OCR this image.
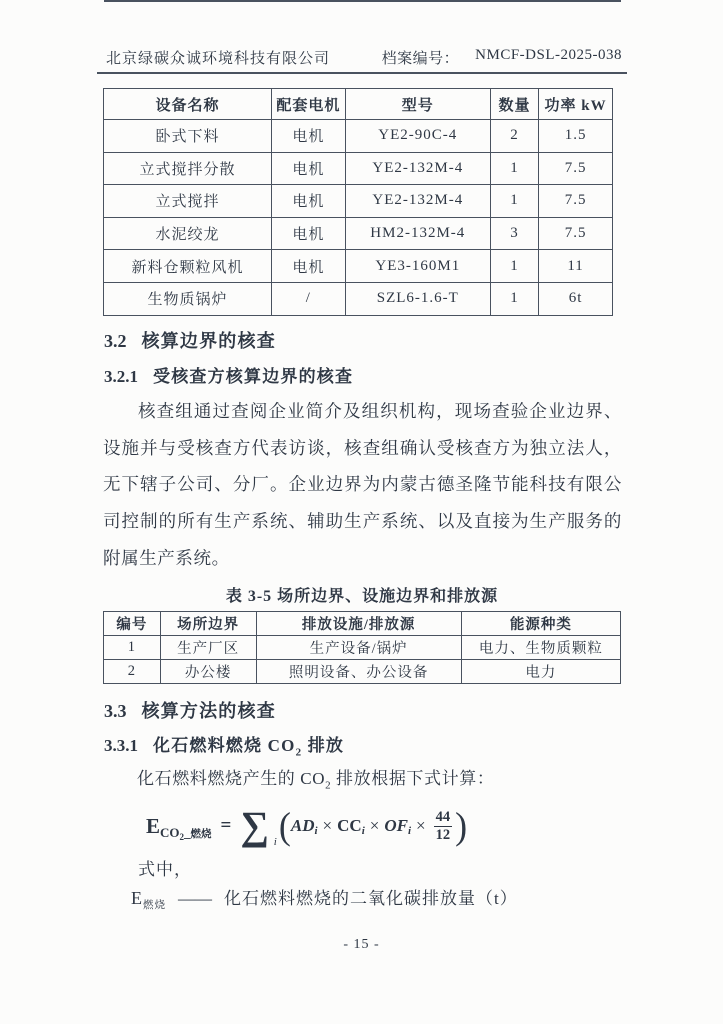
北京绿碳众诚环境科技有限公司	档案编号： NMCF-DSL-2025-038
设备名称	配套电机	型号	数量	功率 kW
卧式下料	电机	YE2-90C-4	2	1.5
立式搅拌分散	电机	YE2-132M-4	1	7.5
立式搅拌	电机	YE2-132M-4	1	7.5
水泥绞龙	电机	HM2-132M-4	3	7.5
新料仓颗粒风机	电机	YE3-160M1	1	11
生物质锅炉	/	SZL6-1.6-T	1	6t
3.2 核算边界的核查
3.2.1 受核查方核算边界的核查
核查组通过查阅企业简介及组织机构，现场查验企业边界、设施并与受核查方代表访谈，核查组确认受核查方为独立法人，无下辖子公司、分厂。企业边界为内蒙古德圣隆节能科技有限公司控制的所有生产系统、辅助生产系统、以及直接为生产服务的附属生产系统。
表 3-5 场所边界、设施边界和排放源
编号	场所边界	排放设施/排放源	能源种类
1	生产厂区	生产设备/锅炉	电力、生物质颗粒
2	办公楼	照明设备、办公设备	电力
3.3 核算方法的核查
3.3.1 化石燃料燃烧 $CO_2$ 排放
化石燃料燃烧产生的 $CO_2$ 排放根据下式计算：
E $CO_2\_$燃烧 = ∑ i ( AD i × CC i × OF $i \times \frac{44}{12}$ )
式中，
$E_{燃烧}$ —— 化石燃料燃烧的二氧化碳排放量（t）
- 15 -
